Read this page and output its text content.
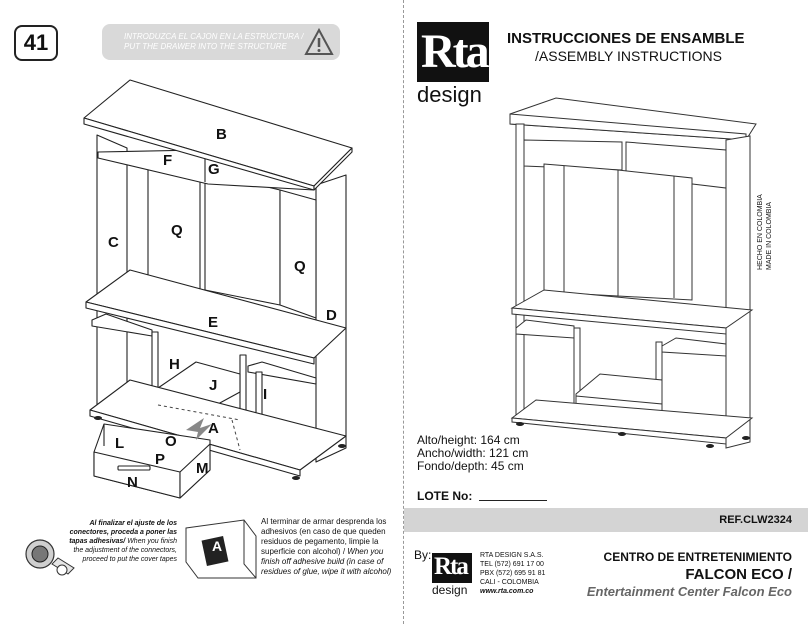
41	INTRODUZCA EL CAJON EN LA ESTRUCTURA /
PUT THE DRAWER INTO THE STRUCTURE
B
F
G
C
Q
Q
E	D
H
J
I
A
L	O
P
M
N
Al finalizar el ajuste de los conectores, proceda a poner las tapas adhesivas/ When you finish the adjustment of the connectors, proceed to put the cover tapes
A
Al terminar de armar desprenda los adhesivos (en caso de que queden residuos de pegamento, limpie la superficie con alcohol) / When you finish off adhesive build (in case of residues of glue, wipe it with alcohol)
Rta
design
INSTRUCCIONES DE ENSAMBLE
/ASSEMBLY INSTRUCTIONS
HECHO EN COLOMBIA MADE IN COLOMBIA
Alto/height: 164 cm
Ancho/width: 121 cm
Fondo/depth: 45 cm
LOTE No:
REF.CLW2324
By: Rta
design
RTA DESIGN S.A.S.
TEL (572) 691 17 00
PBX (572) 695 91 81
CALI - COLOMBIA
www.rta.com.co
CENTRO DE ENTRETENIMIENTO
FALCON ECO /
Entertainment Center Falcon Eco
